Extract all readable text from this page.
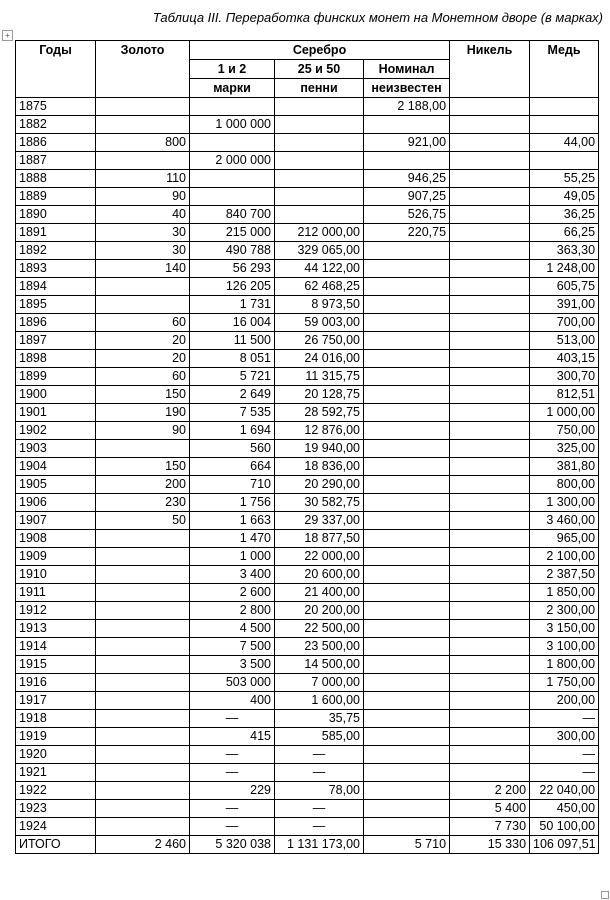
Таблица III. Переработка финских монет на Монетном дворе (в марках)
+
Годы	Золото	Серебро			Никель	Медь
		1 и 2	25 и 50	Номинал		
		марки	пенни	неизвестен		
1875				2 188,00		
1882		1 000 000				
1886	800			921,00		44,00
1887		2 000 000				
1888	110			946,25		55,25
1889	90			907,25		49,05
1890	40	840 700		526,75		36,25
1891	30	215 000	212 000,00	220,75		66,25
1892	30	490 788	329 065,00			363,30
1893	140	56 293	44 122,00			1 248,00
1894		126 205	62 468,25			605,75
1895		1 731	8 973,50			391,00
1896	60	16 004	59 003,00			700,00
1897	20	11 500	26 750,00			513,00
1898	20	8 051	24 016,00			403,15
1899	60	5 721	11 315,75			300,70
1900	150	2 649	20 128,75			812,51
1901	190	7 535	28 592,75			1 000,00
1902	90	1 694	12 876,00			750,00
1903		560	19 940,00			325,00
1904	150	664	18 836,00			381,80
1905	200	710	20 290,00			800,00
1906	230	1 756	30 582,75			1 300,00
1907	50	1 663	29 337,00			3 460,00
1908		1 470	18 877,50			965,00
1909		1 000	22 000,00			2 100,00
1910		3 400	20 600,00			2 387,50
1911		2 600	21 400,00			1 850,00
1912		2 800	20 200,00			2 300,00
1913		4 500	22 500,00			3 150,00
1914		7 500	23 500,00			3 100,00
1915		3 500	14 500,00			1 800,00
1916		503 000	7 000,00			1 750,00
1917		400	1 600,00			200,00
1918		—	35,75			—
1919		415	585,00			300,00
1920		—	—			—
1921		—	—			—
1922		229	78,00		2 200	22 040,00
1923		—	—		5 400	450,00
1924		—	—		7 730	50 100,00
ИТОГО	2 460	5 320 038	1 131 173,00	5 710	15 330	106 097,51
